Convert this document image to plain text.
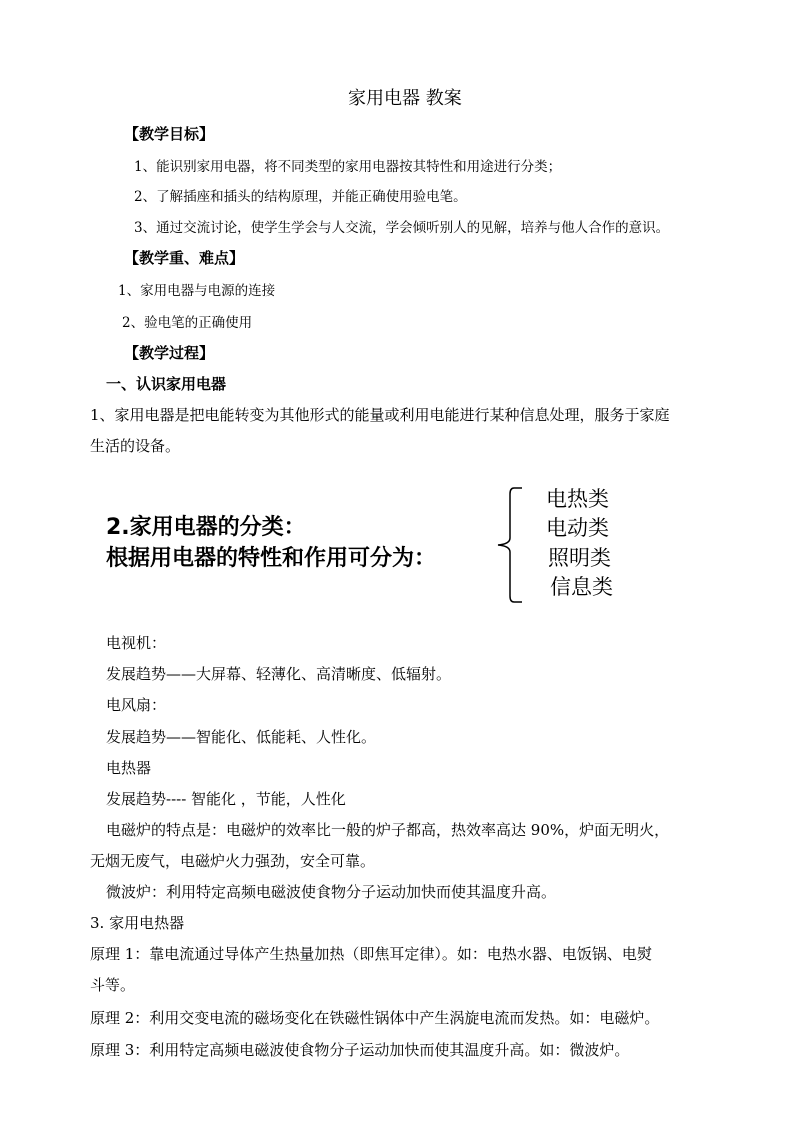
家用电器 教案
【教学目标】
1、能识别家用电器，将不同类型的家用电器按其特性和用途进行分类；
2、了解插座和插头的结构原理，并能正确使用验电笔。
3、通过交流讨论，使学生学会与人交流，学会倾听别人的见解，培养与他人合作的意识。
【教学重、难点】
1、家用电器与电源的连接
2、验电笔的正确使用
【教学过程】
一、认识家用电器
1、家用电器是把电能转变为其他形式的能量或利用电能进行某种信息处理，服务于家庭
生活的设备。
2.家用电器的分类：
根据用电器的特性和作用可分为：
电热类
电动类
照明类
信息类
电视机：
发展趋势——大屏幕、轻薄化、高清晰度、低辐射。
电风扇：
发展趋势——智能化、低能耗、人性化。
电热器
发展趋势---- 智能化 ，节能，人性化
电磁炉的特点是：电磁炉的效率比一般的炉子都高，热效率高达 90%，炉面无明火，
无烟无废气，电磁炉火力强劲，安全可靠。
微波炉：利用特定高频电磁波使食物分子运动加快而使其温度升高。
3. 家用电热器
原理 1：靠电流通过导体产生热量加热（即焦耳定律）。如：电热水器、电饭锅、电熨
斗等。
原理 2：利用交变电流的磁场变化在铁磁性锅体中产生涡旋电流而发热。如：电磁炉。
原理 3：利用特定高频电磁波使食物分子运动加快而使其温度升高。如：微波炉。
